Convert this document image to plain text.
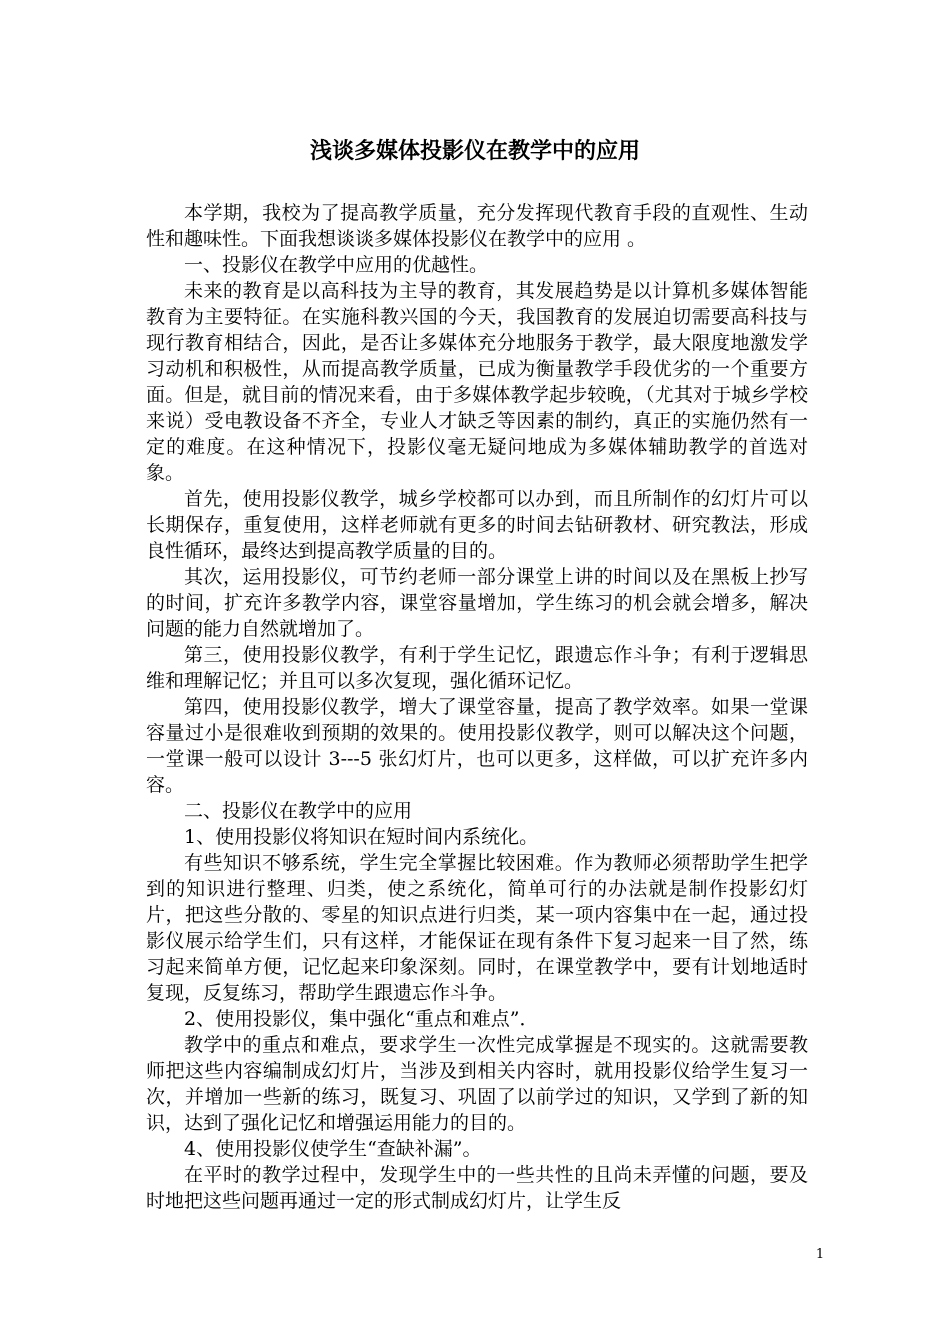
浅谈多媒体投影仪在教学中的应用

本学期，我校为了提高教学质量，充分发挥现代教育手段的直观性、生动性和趣味性。下面我想谈谈多媒体投影仪在教学中的应用 。

一、投影仪在教学中应用的优越性。

未来的教育是以高科技为主导的教育，其发展趋势是以计算机多媒体智能教育为主要特征。在实施科教兴国的今天，我国教育的发展迫切需要高科技与现行教育相结合，因此，是否让多媒体充分地服务于教学，最大限度地激发学习动机和积极性，从而提高教学质量，已成为衡量教学手段优劣的一个重要方面。但是，就目前的情况来看，由于多媒体教学起步较晚，（尤其对于城乡学校来说）受电教设备不齐全，专业人才缺乏等因素的制约，真正的实施仍然有一定的难度。在这种情况下，投影仪毫无疑问地成为多媒体辅助教学的首选对象。

首先，使用投影仪教学，城乡学校都可以办到，而且所制作的幻灯片可以长期保存，重复使用，这样老师就有更多的时间去钻研教材、研究教法，形成良性循环，最终达到提高教学质量的目的。

其次，运用投影仪，可节约老师一部分课堂上讲的时间以及在黑板上抄写的时间，扩充许多教学内容，课堂容量增加，学生练习的机会就会增多，解决问题的能力自然就增加了。

第三，使用投影仪教学，有利于学生记忆，跟遗忘作斗争；有利于逻辑思维和理解记忆；并且可以多次复现，强化循环记忆。

第四，使用投影仪教学，增大了课堂容量，提高了教学效率。如果一堂课容量过小是很难收到预期的效果的。使用投影仪教学，则可以解决这个问题，一堂课一般可以设计 3---5 张幻灯片，也可以更多，这样做，可以扩充许多内容。

二、投影仪在教学中的应用

1、使用投影仪将知识在短时间内系统化。

有些知识不够系统，学生完全掌握比较困难。作为教师必须帮助学生把学到的知识进行整理、归类，使之系统化，简单可行的办法就是制作投影幻灯片，把这些分散的、零星的知识点进行归类，某一项内容集中在一起，通过投影仪展示给学生们，只有这样，才能保证在现有条件下复习起来一目了然，练习起来简单方便，记忆起来印象深刻。同时，在课堂教学中，要有计划地适时复现，反复练习，帮助学生跟遗忘作斗争。

2、使用投影仪，集中强化“重点和难点”．

教学中的重点和难点，要求学生一次性完成掌握是不现实的。这就需要教师把这些内容编制成幻灯片，当涉及到相关内容时，就用投影仪给学生复习一次，并增加一些新的练习，既复习、巩固了以前学过的知识，又学到了新的知识，达到了强化记忆和增强运用能力的目的。

4、使用投影仪使学生“查缺补漏”。

在平时的教学过程中，发现学生中的一些共性的且尚未弄懂的问题，要及时地把这些问题再通过一定的形式制成幻灯片，让学生反

1
